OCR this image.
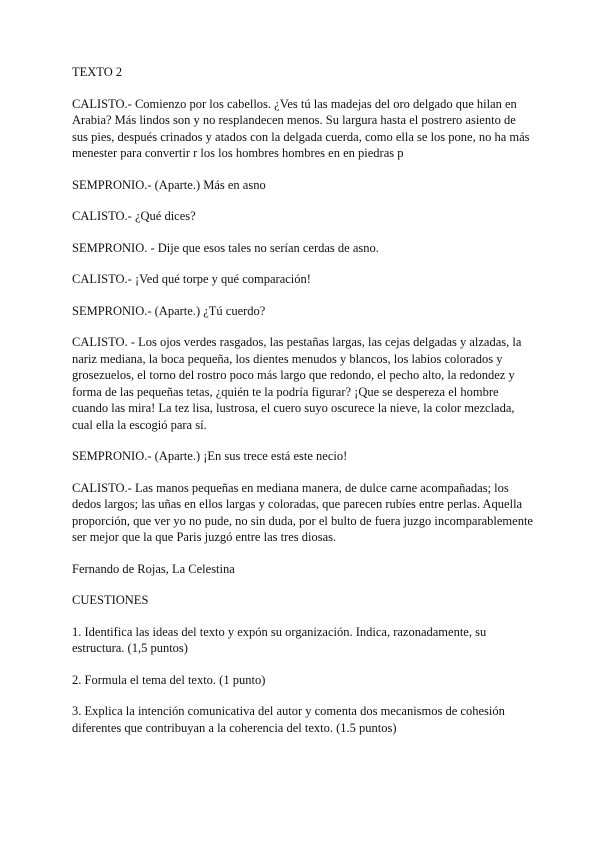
TEXTO 2

CALISTO.- Comienzo por los cabellos. ¿Ves tú las madejas del oro delgado que hilan en Arabia? Más lindos son y no resplandecen menos. Su largura hasta el postrero asiento de sus pies, después crinados y atados con la delgada cuerda, como ella se los pone, no ha más menester para convertir r los los hombres hombres en en piedras p

SEMPRONIO.- (Aparte.) Más en asno

CALISTO.- ¿Qué dices?

SEMPRONIO. - Dije que esos tales no serían cerdas de asno.

CALISTO.- ¡Ved qué torpe y qué comparación!

SEMPRONIO.- (Aparte.) ¿Tú cuerdo?

CALISTO. - Los ojos verdes rasgados, las pestañas largas, las cejas delgadas y alzadas, la nariz mediana, la boca pequeña, los dientes menudos y blancos, los labios colorados y grosezuelos, el torno del rostro poco más largo que redondo, el pecho alto, la redondez y forma de las pequeñas tetas, ¿quién te la podría figurar? ¡Que se despereza el hombre cuando las mira! La tez lisa, lustrosa, el cuero suyo oscurece la nieve, la color mezclada, cual ella la escogió para sí.

SEMPRONIO.- (Aparte.) ¡En sus trece está este necio!

CALISTO.- Las manos pequeñas en mediana manera, de dulce carne acompañadas; los dedos largos; las uñas en ellos largas y coloradas, que parecen rubíes entre perlas. Aquella proporción, que ver yo no pude, no sin duda, por el bulto de fuera juzgo incomparablemente ser mejor que la que Paris juzgó entre las tres diosas.

Fernando de Rojas, La Celestina

CUESTIONES

1. Identifica las ideas del texto y expón su organización. Indica, razonadamente, su estructura. (1,5 puntos)

2. Formula el tema del texto. (1 punto)

3. Explica la intención comunicativa del autor y comenta dos mecanismos de cohesión diferentes que contribuyan a la coherencia del texto. (1.5 puntos)
